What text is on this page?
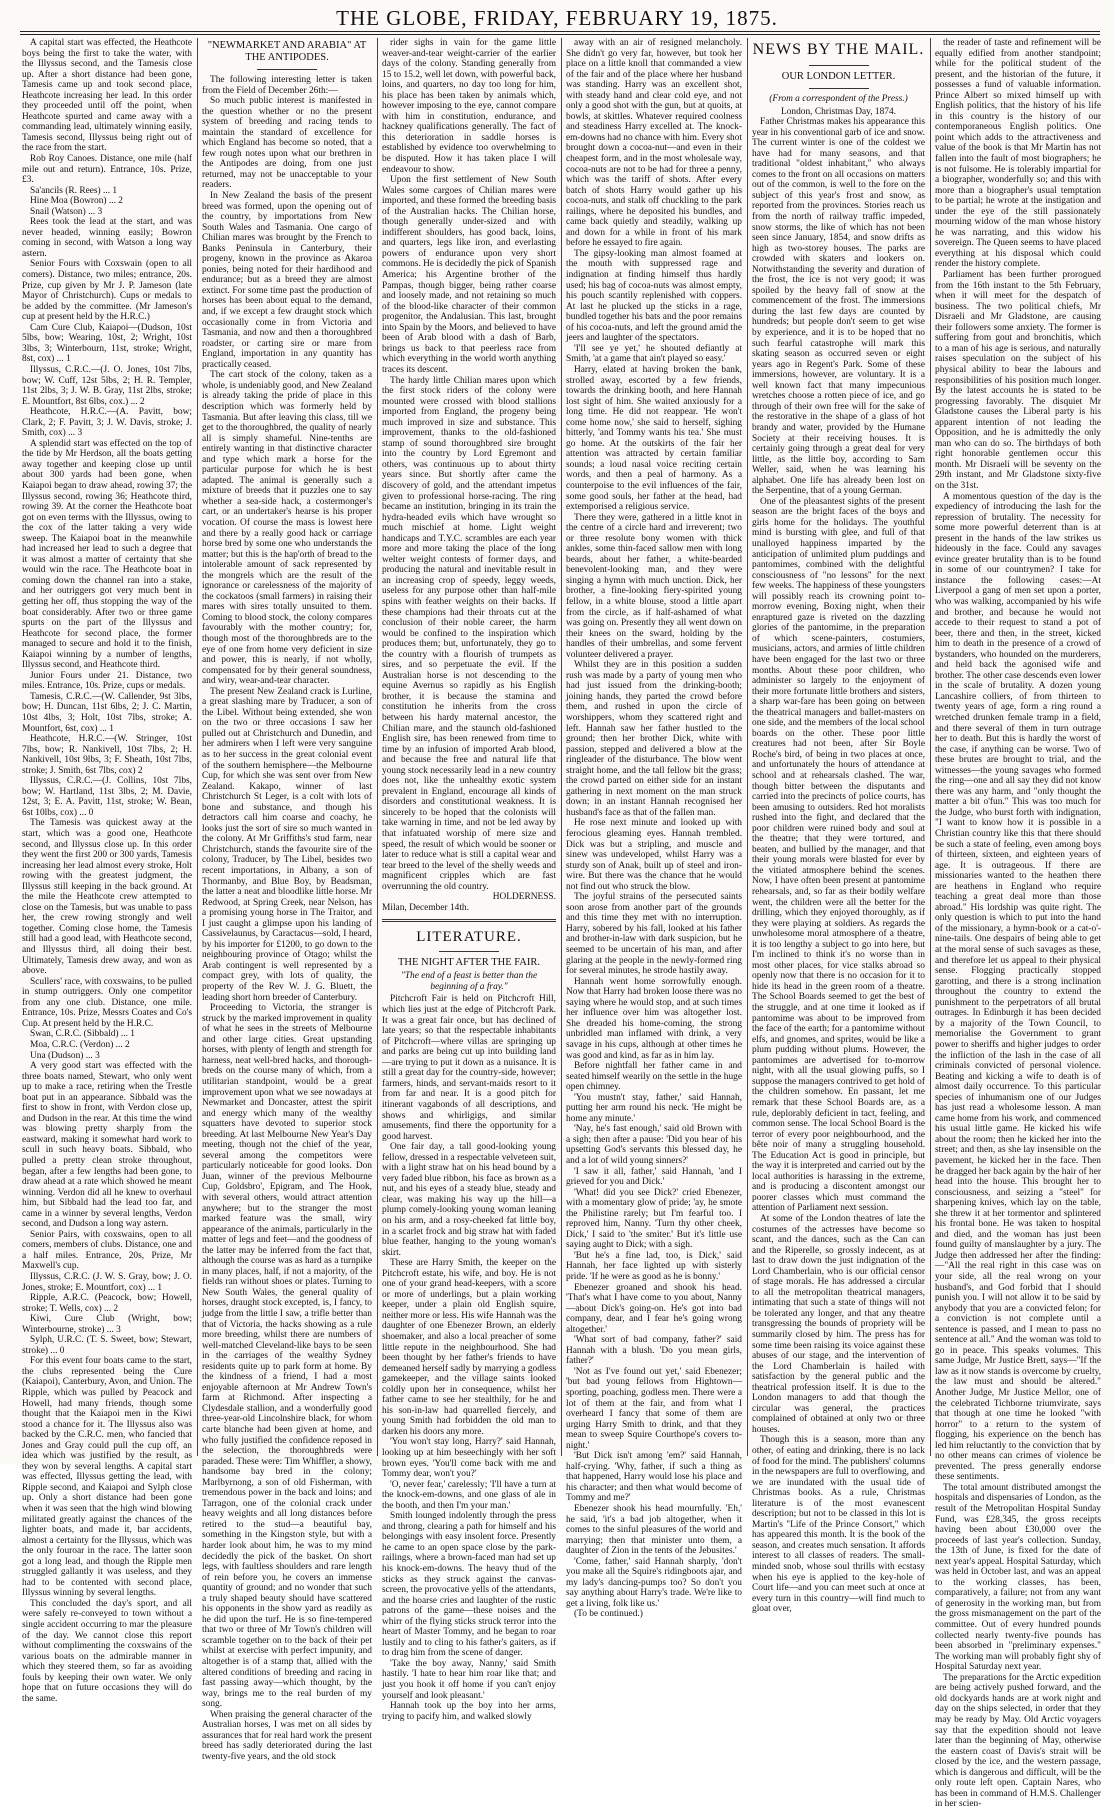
THE GLOBE, FRIDAY, FEBRUARY 19, 1875.

A capital start was effected, the Heathcote boys being the first to take the water, with the Illyssus second, and the Tamesis close up. After a short distance had been gone, Tamesis came up and took second place, Heathcote increasing her lead. In this order they proceeded until off the point, when Heathcote spurted and came away with a commanding lead, ultimately winning easily, Tamesis second, Illyssus being right out of the race from the start.

Rob Roy Canoes. Distance, one mile (half mile out and return). Entrance, 10s. Prize, £3.

Sa'ancils (R. Rees) ... 1

Hine Moa (Bowron) ... 2

Snail (Watson) ... 3

Rees took the lead at the start, and was never headed, winning easily; Bowron coming in second, with Watson a long way astern.

Senior Fours with Coxswain (open to all comers). Distance, two miles; entrance, 20s. Prize, cup given by Mr J. P. Jameson (late Mayor of Christchurch). Cups or medals to be added by the committee. (Mr Jameson's cup at present held by the H.R.C.)

Cam Cure Club, Kaiapoi—(Dudson, 10st 5lbs, bow; Wearing, 10st, 2; Wright, 10st 3lbs, 3; Winterbourn, 11st, stroke; Wright, 8st, cox) ... 1

Illyssus, C.R.C.—(J. O. Jones, 10st 7lbs, bow; W. Cuff, 12st 5lbs, 2; H. R. Templer, 11st 2lbs, 3; J. W. B. Gray, 11st 2lbs, stroke; E. Mountfort, 8st 6lbs, cox.) ... 2

Heathcote, H.R.C.—(A. Pavitt, bow; Clark, 2; F. Pavitt, 3; J. W. Davis, stroke; J. Smith, cox) ... 3

A splendid start was effected on the top of the tide by Mr Herdson, all the boats getting away together and keeping close up until about 300 yards had been gone, when Kaiapoi began to draw ahead, rowing 37; the Illyssus second, rowing 36; Heathcote third, rowing 39. At the corner the Heathcote boat got on even terms with the Illyssus, owing to the cox of the latter taking a very wide sweep. The Kaiapoi boat in the meanwhile had increased her lead to such a degree that it was almost a matter of certainty that she would win the race. The Heathcote boat in coming down the channel ran into a stake, and her outriggers got very much bent in getting her off, thus stopping the way of the boat considerably. After two or three game spurts on the part of the Illyssus and Heathcote for second place, the former managed to secure and hold it to the finish, Kaiapoi winning by a number of lengths, Illyssus second, and Heathcote third.

Junior Fours under 21. Distance, two miles. Entrance, 10s. Prize, cups or medals.

Tamesis, C.R.C.—(W. Callender, 9st 3lbs, bow; H. Duncan, 11st 6lbs, 2; J. C. Martin, 10st 4lbs, 3; Holt, 10st 7lbs, stroke; A. Mountfort, 6st, cox) ... 1

Heathcote, H.R.C.—(W. Stringer, 10st 7lbs, bow; R. Nankivell, 10st 7lbs, 2; H. Nankivell, 10st 9lbs, 3; F. Sheath, 10st 7lbs, stroke; J. Smith, 6st 7lbs, cox) 2

Illyssus, C.R.C.—(J. Collins, 10st 7lbs, bow; W. Hartland, 11st 3lbs, 2; M. Davie, 12st, 3; E. A. Pavitt, 11st, stroke; W. Bean, 6st 10lbs, cox) ... 0

The Tamesis was quickest away at the start, which was a good one, Heathcote second, and Illyssus close up. In this order they went the first 200 or 300 yards, Tamesis increasing her lead almost every stroke, Holt rowing with the greatest judgment, the Illyssus still keeping in the back ground. At the mile the Heathcote crew attempted to close on the Tamesis, but was unable to pass her, the crew rowing strongly and well together. Coming close home, the Tamesis still had a good lead, with Heathcote second, and Illyssus third, all doing their best. Ultimately, Tamesis drew away, and won as above.

Scullers' race, with coxswains, to be pulled in stump outriggers. Only one competitor from any one club. Distance, one mile. Entrance, 10s. Prize, Messrs Coates and Co's Cup. At present held by the H.R.C.

Swan, C.R.C. (Sibbald) ... 1

Moa, C.R.C. (Verdon) ... 2

Una (Dudson) ... 3

A very good start was effected with the three boats named, Stewart, who only went up to make a race, retiring when the Trestle boat put in an appearance. Sibbald was the first to show in front, with Verdon close up, and Dudson in the rear. At this time the wind was blowing pretty sharply from the eastward, making it somewhat hard work to scull in such heavy boats. Sibbald, who pulled a pretty clean stroke throughout, began, after a few lengths had been gone, to draw ahead at a rate which showed he meant winning. Verdon did all he knew to overhaul him, but Sibbald had the lead too far, and came in a winner by several lengths, Verdon second, and Dudson a long way astern.

Senior Pairs, with coxswains, open to all comers, members of clubs. Distance, one and a half miles. Entrance, 20s, Prize, Mr Maxwell's cup.

Illyssus, C.R.C. (J. W. S. Gray, bow; J. O. Jones, stroke; E. Mountfort, cox) ... 1

Ripple, A.R.C. (Peacock, bow; Howell, stroke; T. Wells, cox) ... 2

Kiwi, Cure Club (Wright, bow; Winterbourne, stroke) ... 3

Sylph, U.R.C. (T. S. Sweet, bow; Stewart, stroke) ... 0

For this event four boats came to the start, the clubs represented being the Cure (Kaiapoi), Canterbury, Avon, and Union. The Ripple, which was pulled by Peacock and Howell, had many friends, though some thought that the Kaiapoi men in the Kiwi stood a chance for it. The Illyssus also was backed by the C.R.C. men, who fancied that Jones and Gray could pull the cup off, an idea which was justified by the result, as they won by several lengths. A capital start was effected, Illyssus getting the lead, with Ripple second, and Kaiapoi and Sylph close up. Only a short distance had been gone when it was seen that the high wind blowing militated greatly against the chances of the lighter boats, and made it, bar accidents, almost a certainty for the Illyssus, which was the only fouroar in the race. The latter soon got a long lead, and though the Ripple men struggled gallantly it was useless, and they had to be contented with second place, Illyssus winning by several lengths.

This concluded the day's sport, and all were safely re-conveyed to town without a single accident occurring to mar the pleasure of the day. We cannot close this report without complimenting the coxswains of the various boats on the admirable manner in which they steered them, so far as avoiding fouls by keeping their own water. We only hope that on future occasions they will do the same.

"NEWMARKET AND ARABIA" AT THE ANTIPODES.

The following interesting letter is taken from the Field of December 26th:—

So much public interest is manifested in the question whether or no the present system of breeding and racing tends to maintain the standard of excellence for which England has become so noted, that a few rough notes upon what our brethren in the Antipodes are doing, from one just returned, may not be unacceptable to your readers.

In New Zealand the basis of the present breed was formed, upon the opening out of the country, by importations from New South Wales and Tasmania. One cargo of Chilian mares was brought by the French to Banks Peninsula in Canterbury, their progeny, known in the province as Akaroa ponies, being noted for their hardihood and endurance; but as a breed they are almost extinct. For some time past the production of horses has been about equal to the demand, and, if we except a few draught stock which occasionally come in from Victoria and Tasmania, and now and then a thoroughbred roadster, or carting sire or mare from England, importation in any quantity has practically ceased.

The cart stock of the colony, taken as a whole, is undeniably good, and New Zealand is already taking the pride of place in this description which was formerly held by Tasmania. But after leaving this class, till we get to the thoroughbred, the quality of nearly all is simply shameful. Nine-tenths are entirely wanting in that distinctive character and type which mark a horse for the particular purpose for which he is best adapted. The animal is generally such a mixture of breeds that it puzzles one to say whether a sea-side hack, a costermonger's cart, or an undertaker's hearse is his proper vocation. Of course the mass is lowest here and there by a really good hack or carriage horse bred by some one who understands the matter; but this is the hap'orth of bread to the intolerable amount of sack represented by the mongrels which are the result of the ignorance or carelessness of the majority of the cockatoos (small farmers) in raising their mares with sires totally unsuited to them. Coming to blood stock, the colony compares favourably with the mother country; for, though most of the thoroughbreds are to the eye of one from home very deficient in size and power, this is nearly, if not wholly, compensated for by their general soundness, and wiry, wear-and-tear character.

The present New Zealand crack is Lurline, a great slashing mare by Traducer, a son of the Libel. Without being extended, she won on the two or three occasions I saw her pulled out at Christchurch and Dunedin, and her admirers when I left were very sanguine as to her success in the great colonial event of the southern hemisphere—the Melbourne Cup, for which she was sent over from New Zealand. Kakapo, winner of last Christchurch St Leger, is a colt with lots of bone and substance, and though his detractors call him coarse and coachy, he looks just the sort of sire so much wanted in the colony. At Mr Griffiths's stud farm, near Christchurch, stands the favourite sire of the colony, Traducer, by The Libel, besides two recent importations, in Albany, a son of Thormanby, and Blue Boy, by Beadsman, the latter a neat and bloodlike little horse. Mr Redwood, at Spring Creek, near Nelson, has a promising young horse in The Traitor, and I just caught a glimpse upon his landing of Cassivelaunus, by Caractacus—sold, I heard, by his importer for £1200, to go down to the neighbouring province of Otago; whilst the Arab contingent is well represented by a compact grey, with lots of quality, the property of the Rev W. J. G. Bluett, the leading short horn breeder of Canterbury.

Proceeding to Victoria, the stranger is struck by the marked improvement in quality of what he sees in the streets of Melbourne and other large cities. Great upstanding horses, with plenty of length and strength for harness, neat well-bred hacks, and thorough-breds on the course many of which, from a utilitarian standpoint, would be a great improvement upon what we see nowadays at Newmarket and Doncaster, attest the spirit and energy which many of the wealthy squatters have devoted to superior stock breeding. At last Melbourne New Year's Day meeting, though not the chief of the year, several among the competitors were particularly noticeable for good looks. Don Juan, winner of the previous Melbourne Cup, Goldsbro', Epigram, and The Hook, with several others, would attract attention anywhere; but to the stranger the most marked feature was the small, wiry appearance of the animals, particularly in the matter of legs and feet—and the goodness of the latter may be inferred from the fact that, although the course was as hard as a turnpike in many places, half, if not a majority, of the fields ran without shoes or plates. Turning to New South Wales, the general quality of horses, draught stock excepted, is, I fancy, to judge from the little I saw, a trifle better than that of Victoria, the hacks showing as a rule more breeding, whilst there are numbers of well-matched Cleveland-like bays to be seen in the carriages of the wealthy Sydney residents quite up to park form at home. By the kindness of a friend, I had a most enjoyable afternoon at Mr Andrew Town's farm at Richmond. After inspecting a Clydesdale stallion, and a wonderfully good three-year-old Lincolnshire black, for whom carte blanche had been given at home, and who fully justified the confidence reposed in the selection, the thoroughbreds were paraded. These were: Tim Whiffler, a showy, handsome bay bred in the colony; Marlbyrnong, a son of old Fisherman, with tremendous power in the back and loins; and Tarragon, one of the colonial crack under heavy weights and all long distances before retired to the stud—a beautiful bay, something in the Kingston style, but with a harder look about him, he was to my mind decidedly the pick of the basket. On short legs, with faultless shoulders and rare length of rein before you, he covers an immense quantity of ground; and no wonder that such a truly shaped beauty should have scattered his opponents in the show yard as readily as he did upon the turf. He is so fine-tempered that two or three of Mr Town's children will scramble together on to the back of their pet whilst at exercise with perfect impunity, and altogether is of a stamp that, allied with the altered conditions of breeding and racing in fast passing away—which thought, by the way, brings me to the real burden of my song.

When praising the general character of the Australian horses, I was met on all sides by assurances that for real hard work the present breed has sadly deteriorated during the last twenty-five years, and the old stock

rider sighs in vain for the game little weaver-and-tear weight-carrier of the earlier days of the colony. Standing generally from 15 to 15.2, well let down, with powerful back, loins, and quarters, no day too long for him, his place has been taken by animals which, however imposing to the eye, cannot compare with him in constitution, endurance, and hackney qualifications generally. The fact of this deterioration in saddle horses is established by evidence too overwhelming to be disputed. How it has taken place I will endeavour to show.

Upon the first settlement of New South Wales some cargoes of Chilian mares were imported, and these formed the breeding basis of the Australian hacks. The Chilian horse, though generally under-sized and with indifferent shoulders, has good back, loins, and quarters, legs like iron, and everlasting powers of endurance upon very short commons. He is decidedly the pick of Spanish America; his Argentine brother of the Pampas, though bigger, being rather coarse and loosely made, and not retaining so much of the blood-like character of their common progenitor, the Andalusian. This last, brought into Spain by the Moors, and believed to have been of Arab blood with a dash of Barb, brings us back to that peerless race from which everything in the world worth anything traces its descent.

The hardy little Chilian mares upon which the first stock riders of the colony were mounted were crossed with blood stallions imported from England, the progeny being much improved in size and substance. This improvement, thanks to the old-fashioned stamp of sound thoroughbred sire brought into the country by Lord Egremont and others, was continuous up to about thirty years since. But shortly after came the discovery of gold, and the attendant impetus given to professional horse-racing. The ring became an institution, bringing in its train the hydra-headed evils which have wrought so much mischief at home. Light weight handicaps and T.Y.C. scrambles are each year more and more taking the place of the long welter weight contests of former days, and producing the natural and inevitable result in an increasing crop of speedy, leggy weeds, useless for any purpose other than half-mile spins with feather weights on their backs. If these champions had their throats cut at the conclusion of their noble career, the harm would be confined to the inspiration which produces them; but, unfortunately, they go to the country with a flourish of trumpets as sires, and so perpetuate the evil. If the Australian horse is not descending to the equine Avernus so rapidly as his English brother, it is because the stamina and constitution he inherits from the cross between his hardy maternal ancestor, the Chilian mare, and the staunch old-fashioned English sire, has been renewed from time to time by an infusion of imported Arab blood, and because the free and natural life that young stock necessarily lead in a new country does not, like the unhealthy exotic system prevalent in England, encourage all kinds of disorders and constitutional weakness. It is sincerely to be hoped that the colonists will take warning in time, and not be led away by that infatuated worship of mere size and speed, the result of which would be sooner or later to reduce what is still a capital wear and tear breed to the level of the shelly weeds and magnificent cripples which are fast overrunning the old country.

HOLDERNESS.

Milan, December 14th.

LITERATURE.

THE NIGHT AFTER THE FAIR.

"The end of a feast is better than the beginning of a fray."

Pitchcroft Fair is held on Pitchcroft Hill, which lies just at the edge of Pitchcroft Park. It was a great fair once, but has declined of late years; so that the respectable inhabitants of Pitchcroft—where villas are springing up and parks are being cut up into building land—are trying to put it down as a nuisance. It is still a great day for the country-side, however; farmers, hinds, and servant-maids resort to it from far and near. It is a good pitch for itinerant vagabonds of all descriptions, and shows and whirligigs, and similar amusements, find there the opportunity for a good harvest.

One fair day, a tall good-looking young fellow, dressed in a respectable velveteen suit, with a light straw hat on his head bound by a very faded blue ribbon, his face as brown as a nut, and his eyes of a steady blue, steady and clear, was making his way up the hill—a plump comely-looking young woman leaning on his arm, and a rosy-cheeked fat little boy, in a scarlet frock and big straw hat with faded blue feather, hanging to the young woman's skirt.

These are Harry Smith, the keeper on the Pitchcroft estate, his wife, and boy. He is not one of your grand head-keepers, with a score or more of underlings, but a plain working keeper, under a plain old English squire, neither more or less. His wife Hannah was the daughter of one Ebenezer Brown, an elderly shoemaker, and also a local preacher of some little repute in the neighbourhood. She had been thought by her father's friends to have demeaned herself sadly by marrying a godless gamekeeper, and the village saints looked coldly upon her in consequence, whilst her father came to see her stealthily, for he and his son-in-law had quarrelled fiercely, and young Smith had forbidden the old man to darken his doors any more.

'You won't stay long, Harry?' said Hannah, looking up at him beseechingly with her soft brown eyes. 'You'll come back with me and Tommy dear, won't you?'

'O, never fear,' carelessly; 'I'll have a turn at the knock-em-downs, and one glass of ale in the booth, and then I'm your man.'

Smith lounged indolently through the press and throng, clearing a path for himself and his belongings with easy insolent force. Presently he came to an open space close by the park-railings, where a brown-faced man had set up his knock-em-downs. The heavy thud of the sticks as they struck against the canvas-screen, the provocative yells of the attendants, and the hoarse cries and laughter of the rustic patrons of the game—these noises and the whirr of the flying sticks struck terror into the heart of Master Tommy, and he began to roar lustily and to cling to his father's gaiters, as if to drag him from the scene of danger.

'Take the boy away, Nanny,' said Smith hastily. 'I hate to hear him roar like that; and just you hook it off home if you can't enjoy yourself and look pleasant.'

Hannah took up the boy into her arms, trying to pacify him, and walked slowly

away with an air of resigned melancholy. She didn't go very far, however, but took her place on a little knoll that commanded a view of the fair and of the place where her husband was standing. Harry was an excellent shot, with steady hand and clear cold eye, and not only a good shot with the gun, but at quoits, at bowls, at skittles. Whatever required coolness and steadiness Harry excelled at. The knock-em-downs had no chance with him. Every shot brought down a cocoa-nut—and even in their cheapest form, and in the most wholesale way, cocoa-nuts are not to be had for three a penny, which was the tariff of shots. After every batch of shots Harry would gather up his cocoa-nuts, and stalk off chuckling to the park railings, where he deposited his bundles, and came back quietly and steadily, walking up and down for a while in front of his mark before he essayed to fire again.

The gipsy-looking man almost foamed at the mouth with suppressed rage and indignation at finding himself thus hardly used; his bag of cocoa-nuts was almost empty, his pouch scantily replenished with coppers. At last he plucked up the sticks in a rage, bundled together his bats and the poor remains of his cocoa-nuts, and left the ground amid the jeers and laughter of the spectators.

'I'll see ye yet,' he shouted defiantly at Smith, 'at a game that ain't played so easy.'

Harry, elated at having broken the bank, strolled away, escorted by a few friends, towards the drinking booth, and here Hannah lost sight of him. She waited anxiously for a long time. He did not reappear. 'He won't come home now,' she said to herself, sighing bitterly, 'and Tommy wants his tea.' She must go home. At the outskirts of the fair her attention was attracted by certain familiar sounds; a loud nasal voice reciting certain words, and then a peal of harmony. As a counterpoise to the evil influences of the fair, some good souls, her father at the head, had extemporised a religious service.

There they were, gathered in a little knot in the centre of a circle hard and irreverent; two or three resolute bony women with thick ankles, some thin-faced sallow men with long beards, about her father, a white-bearded benevolent-looking man, and they were singing a hymn with much unction. Dick, her brother, a fine-looking fiery-spirited young fellow, in a white blouse, stood a little apart from the circle, as if half-ashamed of what was going on. Presently they all went down on their knees on the sward, holding by the handles of their umbrellas, and some fervent volunteer delivered a prayer.

Whilst they are in this position a sudden rush was made by a party of young men who had just issued from the drinking-booth; joining hands, they parted the crowd before them, and rushed in upon the circle of worshippers, whom they scattered right and left. Hannah saw her father hustled to the ground; then her brother Dick, white with passion, stepped and delivered a blow at the ringleader of the disturbance. The blow went straight home, and the tall fellow bit the grass; the crowd parted on either side for an instant gathering in next moment on the man struck down; in an instant Hannah recognised her husband's face as that of the fallen man.

He rose next minute and looked up with ferocious gleaming eyes. Hannah trembled. Dick was but a stripling, and muscle and sinew was undeveloped, whilst Harry was a sturdy son of Anak, built up of steel and iron-wire. But there was the chance that he would not find out who struck the blow.

The joyful strains of the persecuted saints soon arose from another part of the grounds and this time they met with no interruption. Harry, sobered by his fall, looked at his father and brother-in-law with dark suspicion, but he seemed to be uncertain of his man, and after glaring at the people in the newly-formed ring for several minutes, he strode hastily away.

Hannah went home sorrowfully enough. Now that Harry had broken loose there was no saying where he would stop, and at such times her influence over him was altogether lost. She dreaded his home-coming, the strong unbridled man inflamed with drink, a very savage in his cups, although at other times he was good and kind, as far as in him lay.

Before nightfall her father came in and seated himself wearily on the settle in the huge open chimney.

'You mustn't stay, father,' said Hannah, putting her arm round his neck. 'He might be home any minute.'

'Nay, he's fast enough,' said old Brown with a sigh; then after a pause: 'Did you hear of his upsetting God's servants this blessed day, he and a lot of wild young sinners?'

'I saw it all, father,' said Hannah, 'and I grieved for you and Dick.'

'What! did you see Dick?' cried Ebenezer, with a momentary glow of pride; 'ay, he smote the Philistine rarely; but I'm fearful too. I reproved him, Nanny. 'Turn thy other cheek, Dick,' I said to 'the smiter.' But it's little use saying aught to Dick; with a sigh.

'But he's a fine lad, too, is Dick,' said Hannah, her face lighted up with sisterly pride. 'If he were as good as he is bonny.'

Ebenezer groaned and shook his head. 'That's what I have come to you about, Nanny—about Dick's going-on. He's got into bad company, dear, and I fear he's going wrong altogether.'

'What sort of bad company, father?' said Hannah with a blush. 'Do you mean girls, father?'

'Not as I've found out yet,' said Ebenezer; 'but bad young fellows from Hightown—sporting, poaching, godless men. There were a lot of them at the fair, and from what I overheard I fancy that some of them are urging Harry Smith to drink, and that they mean to sweep Squire Courthope's covers to-night.'

'But Dick isn't among 'em?' said Hannah, half-crying. 'Why, father, if such a thing as that happened, Harry would lose his place and his character; and then what would become of Tommy and me?'

Ebenezer shook his head mournfully. 'Eh,' he said, 'it's a bad job altogether, when it comes to the sinful pleasures of the world and marrying; then that minister unto them, a daughter of Zion in the tents of the Jebusites.'

'Come, father,' said Hannah sharply, 'don't you make all the Squire's ridingboots ajar, and my lady's dancing-pumps too? So don't you say anything about Harry's trade. We're like to get a living, folk like us.'

(To be continued.)

NEWS BY THE MAIL.

OUR LONDON LETTER.

(From a correspondent of the Press.)

London, Christmas Day, 1874.

Father Christmas makes his appearance this year in his conventional garb of ice and snow. The current winter is one of the coldest we have had for many seasons, and that traditional "oldest inhabitant," who always comes to the front on all occasions on matters out of the common, is well to the fore on the subject of this year's frost and snow, as reported from the provinces. Stories reach us from the north of railway traffic impeded, snow storms, the like of which has not been seen since January, 1854, and snow drifts as high as two-storey houses. The parks are crowded with skaters and lookers on. Notwithstanding the severity and duration of the frost, the ice is not very good; it was spoiled by the heavy fall of snow at the commencement of the frost. The immersions during the last few days are counted by hundreds; but people don't seem to get wise by experience, and it is to be hoped that no such fearful catastrophe will mark this skating season as occurred seven or eight years ago in Regent's Park. Some of these immersions, however, are voluntary. It is a well known fact that many impecunious wretches choose a rotten piece of ice, and go through of their own free will for the sake of the restorative in the shape of a glass of hot brandy and water, provided by the Humane Society at their receiving houses. It is certainly going through a great deal for very little, as the little boy, according to Sam Weller, said, when he was learning his alphabet. One life has already been lost on the Serpentine, that of a young German.

One of the pleasantest sights of the present season are the bright faces of the boys and girls home for the holidays. The youthful mind is bursting with glee, and full of that unalloyed happiness imparted by the anticipation of unlimited plum puddings and pantomimes, combined with the delightful consciousness of "no lessons" for the next few weeks. The happiness of these youngsters will possibly reach its crowning point to-morrow evening, Boxing night, when their enraptured gaze is riveted on the dazzling glories of the pantomime, in the preparation of which scene-painters, costumiers, musicians, actors, and armies of little children have been engaged for the last two or three months. About these poor children, who administer so largely to the enjoyment of their more fortunate little brothers and sisters, a sharp war-fare has been going on between the theatrical managers and ballet-masters on one side, and the members of the local school boards on the other. These poor little creatures had not been, after Sir Boyle Roche's bird, of being in two places at once, and unfortunately the hours of attendance at school and at rehearsals clashed. The war, though bitter between the disputants and carried into the precincts of police courts, has been amusing to outsiders. Red hot moralists rushed into the fight, and declared that the poor children were ruined body and soul at the theatre; that they were tortured, and beaten, and bullied by the manager, and that their young morals were blasted for ever by the vitiated atmosphere behind the scenes. Now, I have often been present at pantomime rehearsals, and, so far as their bodily welfare went, the children were all the better for the drilling, which they enjoyed thoroughly, as if they were playing at soldiers. As regards the unwholesome moral atmosphere of a theatre, it is too lengthy a subject to go into here, but I'm inclined to think it's no worse than in most other places, for vice stalks abroad so openly now that there is no occasion for it to hide its head in the green room of a theatre. The School Boards seemed to get the best of the struggle, and at one time it looked as if pantomime was about to be improved from the face of the earth; for a pantomime without elfs, and gnomes, and sprites, would be like a plum pudding without plums. However, the pantomimes are advertised for to-morrow night, with all the usual glowing puffs, so I suppose the managers contrived to get hold of the children somehow. En passant, let me remark that these School Boards are, as a rule, deplorably deficient in tact, feeling, and common sense. The local School Board is the terror of every poor neighbourhood, and the bête noir of many a struggling household. The Education Act is good in principle, but the way it is interpreted and carried out by the local authorities is harassing in the extreme, and is producing a discontent amongst our poorer classes which must command the attention of Parliament next session.

At some of the London theatres of late the costumes of the actresses have become so scant, and the dances, such as the Can can and the Riperelle, so grossly indecent, as at last to draw down the just indignation of the Lord Chamberlain, who is our official censor of stage morals. He has addressed a circular to all the metropolitan theatrical managers, intimating that such a state of things will not be tolerated any longer, and that any theatre transgressing the bounds of propriety will be summarily closed by him. The press has for some time been raising its voice against these abuses of our stage, and the intervention of the Lord Chamberlain is hailed with satisfaction by the general public and the theatrical profession itself. It is due to the London managers to add that though the circular was general, the practices complained of obtained at only two or three houses.

Though this is a season, more than any other, of eating and drinking, there is no lack of food for the mind. The publishers' columns in the newspapers are full to overflowing, and we are inundated with the usual tide of Christmas books. As a rule, Christmas literature is of the most evanescent description; but not to be classed in this lot is Martin's "Life of the Prince Consort," which has appeared this month. It is the book of the season, and creates much sensation. It affords interest to all classes of readers. The small-minded snob, whose soul thrills with ecstasy when his eye is applied to the key-hole of Court life—and you can meet such at once at every turn in this country—will find much to gloat over,

the reader of taste and refinement will be equally edified from another standpoint; while for the political student of the present, and the historian of the future, it possesses a fund of valuable information. Prince Albert so mixed himself up with English politics, that the history of his life in this country is the history of our contemporaneous English politics. One point which adds to the attractiveness and value of the book is that Mr Martin has not fallen into the fault of most biographers; he is not fulsome. He is tolerably impartial for a biographer, wonderfully so; and this with more than a biographer's usual temptation to be partial; he wrote at the instigation and under the eye of the still passionately mourning widow of the man whose history he was narrating, and this widow his sovereign. The Queen seems to have placed everything at his disposal which could render the history complete.

Parliament has been further prorogued from the 16th instant to the 5th February, when it will meet for the despatch of business. The two political chiefs, Mr Disraeli and Mr Gladstone, are causing their followers some anxiety. The former is suffering from gout and bronchitis, which to a man of his age is serious, and naturally raises speculation on the subject of his physical ability to bear the labours and responsibilities of his position much longer. By the latest accounts he is stated to be progressing favorably. The disquiet Mr Gladstone causes the Liberal party is his apparent intention of not leading the Opposition, and he is admittedly the only man who can do so. The birthdays of both right honorable gentlemen occur this month. Mr Disraeli will be seventy on the 29th instant, and Mr Gladstone sixty-five on the 31st.

A momentous question of the day is the expediency of introducing the lash for the repression of brutality. The necessity for some more powerful deterrent than is at present in the hands of the law strikes us hideously in the face. Could any savages evince greater brutality than is to be found in some of our countrymen? I take for instance the following cases:—At Liverpool a gang of men set upon a porter, who was walking, accompanied by his wife and brother, and because he would not accede to their request to stand a pot of beer, there and then, in the street, kicked him to death in the presence of a crowd of bystanders, who hounded on the murderers, and held back the agonised wife and brother. The other case descends even lower in the scale of brutality. A dozen young Lancashire colliers, of from thirteen to twenty years of age, form a ring round a wretched drunken female tramp in a field, and there several of them in turn outrage her to death. But this is hardly the worst of the case, if anything can be worse. Two of these brutes are brought to trial, and the witnesses—the young savages who formed the ring—one and all say they did not know there was any harm, and "only thought the matter a bit o'fun." This was too much for the Judge, who burst forth with indignation, "I want to know how it is possible in a Christian country like this that there should be such a state of feeling, even among boys of thirteen, sixteen, and eighteen years of age. It is outrageous. If there are missionaries wanted to the heathen there are heathens in England who require teaching a great deal more than those abroad." His lordship was quite right. The only question is which to put into the hand of the missionary, a hymn-book or a cat-o'-nine-tails. One despairs of being able to get at the moral sense of such savages as these, and therefore let us appeal to their physical sense. Flogging practically stopped garotting, and there is a strong inclination throughout the country to extend the punishment to the perpetrators of all brutal outrages. In Edinburgh it has been decided by a majority of the Town Council, to memorialise the Government to grant power to sheriffs and higher judges to order the infliction of the lash in the case of all criminals convicted of personal violence. Beating and kicking a wife to death is of almost daily occurrence. To this particular species of inhumanism one of our Judges has just read a wholesome lesson. A man came home from his work, and commenced his usual little game. He kicked his wife about the room; then he kicked her into the street; and then, as she lay insensible on the pavement, he kicked her in the face. Then he dragged her back again by the hair of her head into the house. This brought her to consciousness, and seizing a "steel" for sharpening knives, which lay on the table, she threw it at her tormentor and splintered his frontal bone. He was taken to hospital and died, and the woman has just been found guilty of manslaughter by a jury. The Judge then addressed her after the finding:—"All the real right in this case was on your side, all the real wrong on your husband's, and God forbid that I should punish you. I will not allow it to be said by anybody that you are a convicted felon; for a conviction is not complete until a sentence is passed, and I mean to pass no sentence at all." And the woman was told to go in peace. This speaks volumes. This same Judge, Mr Justice Brett, says—"If the law as it now stands is overcome by cruelty, the law must and should be altered." Another Judge, Mr Justice Mellor, one of the celebrated Tichborne triumvirate, says that though at one time he looked "with horror" to a return to the system of flogging, his experience on the bench has led him reluctantly to the conviction that by no other means can crimes of violence be prevented. The press generally endorse these sentiments.

The total amount distributed amongst the hospitals and dispensaries of London, as the result of the Metropolitan Hospital Sunday Fund, was £28,345, the gross receipts having been about £30,000 over the proceeds of last year's collection. Sunday, the 13th of June, is fixed for the date of next year's appeal. Hospital Saturday, which was held in October last, and was an appeal to the working classes, has been, comparatively, a failure; not from any want of generosity in the working man, but from the gross mismanagement on the part of the committee. Out of every hundred pounds collected nearly twenty-five pounds has been absorbed in "preliminary expenses." The working man will probably fight shy of Hospital Saturday next year.

The preparations for the Arctic expedition are being actively pushed forward, and the old dockyards hands are at work night and day on the ships selected, in order that they may be ready by May. Old Arctic voyagers say that the expedition should not leave later than the beginning of May, otherwise the eastern coast of Davis's strait will be closed by the ice, and the western passage, which is dangerous and difficult, will be the only route left open. Captain Nares, who has been in command of H.M.S. Challenger in her scien-
